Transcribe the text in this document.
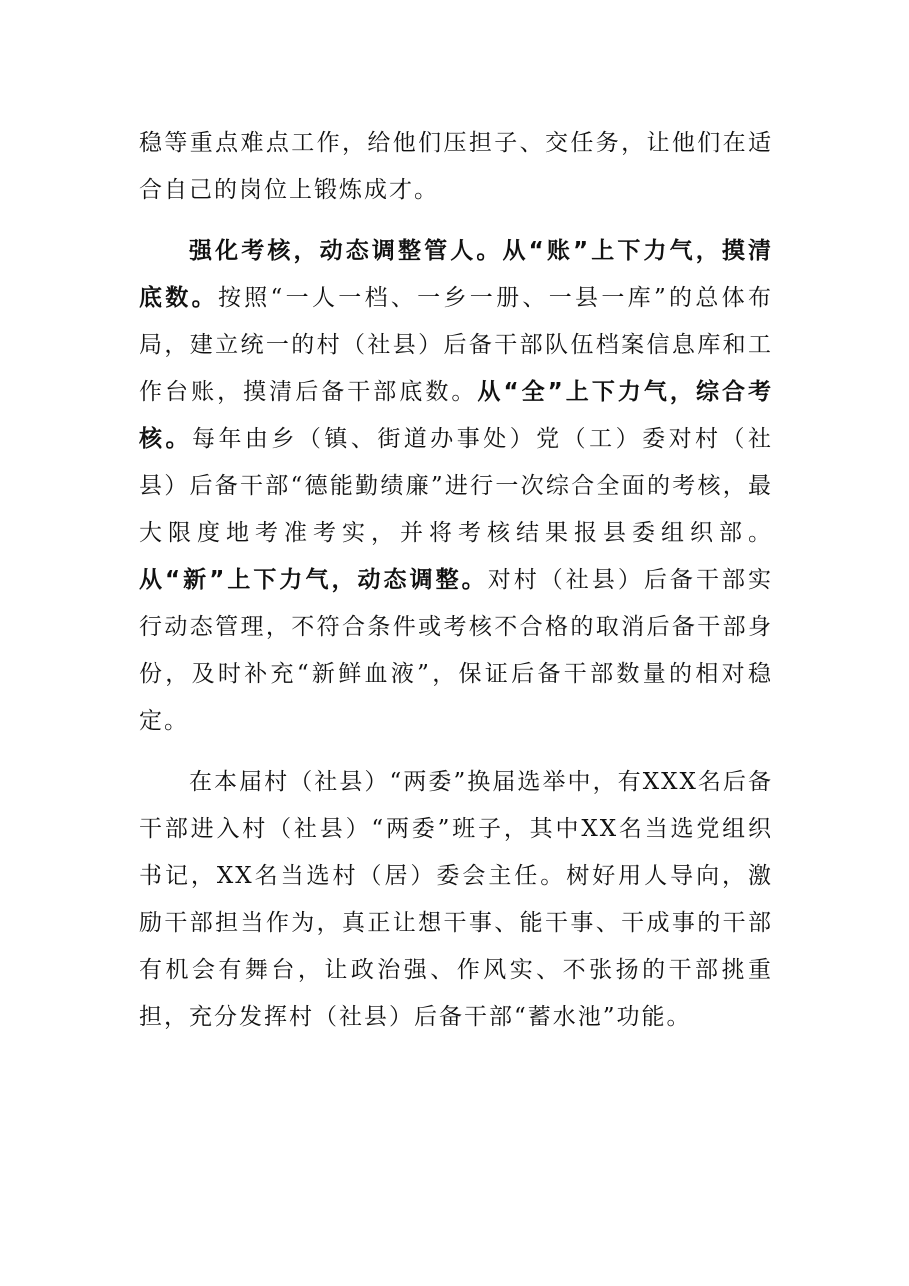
稳等重点难点工作，给他们压担子、交任务，让他们在适合自己的岗位上锻炼成才。

强化考核，动态调整管人。从“账”上下力气，摸清底数。按照“一人一档、一乡一册、一县一库”的总体布局，建立统一的村（社县）后备干部队伍档案信息库和工作台账，摸清后备干部底数。从“全”上下力气，综合考核。每年由乡（镇、街道办事处）党（工）委对村（社县）后备干部“德能勤绩廉”进行一次综合全面的考核，最大限度地考准考实，并将考核结果报县委组织部。从“新”上下力气，动态调整。对村（社县）后备干部实行动态管理，不符合条件或考核不合格的取消后备干部身份，及时补充“新鲜血液”，保证后备干部数量的相对稳定。

在本届村（社县）“两委”换届选举中，有XXX名后备干部进入村（社县）“两委”班子，其中XX名当选党组织书记，XX名当选村（居）委会主任。树好用人导向，激励干部担当作为，真正让想干事、能干事、干成事的干部有机会有舞台，让政治强、作风实、不张扬的干部挑重担，充分发挥村（社县）后备干部“蓄水池”功能。
